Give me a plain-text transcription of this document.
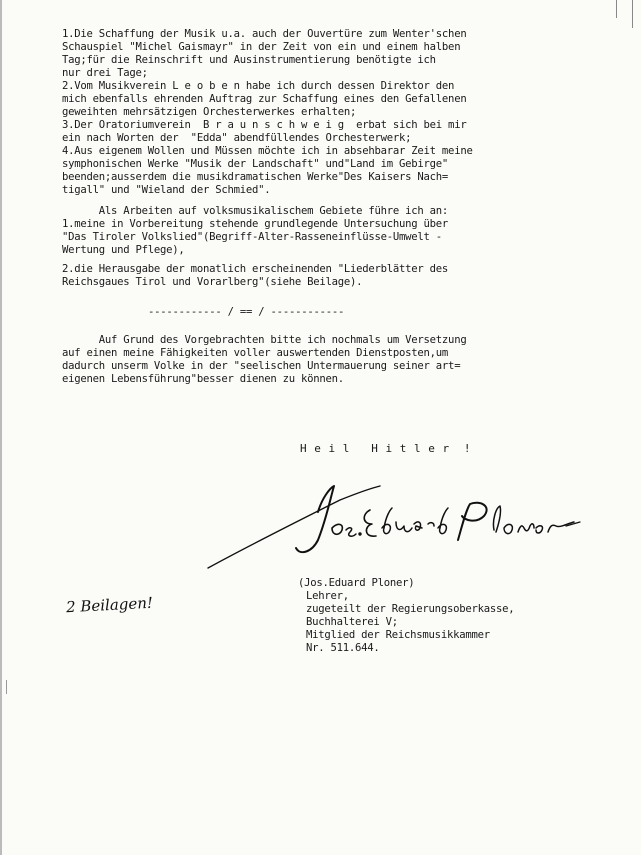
1.Die Schaffung der Musik u.a. auch der Ouvertüre zum Wenter'schen
Schauspiel "Michel Gaismayr" in der Zeit von ein und einem halben
Tag;für die Reinschrift und Ausinstrumentierung benötigte ich
nur drei Tage;
2.Vom Musikverein L e o b e n habe ich durch dessen Direktor den
mich ebenfalls ehrenden Auftrag zur Schaffung eines den Gefallenen
geweihten mehrsätzigen Orchesterwerkes erhalten;
3.Der Oratoriumverein  B r a u n s c h w e i g  erbat sich bei mir
ein nach Worten der  "Edda" abendfüllendes Orchesterwerk;
4.Aus eigenem Wollen und Müssen möchte ich in absehbarar Zeit meine
symphonischen Werke "Musik der Landschaft" und"Land im Gebirge"
beenden;ausserdem die musikdramatischen Werke"Des Kaisers Nach=
tigall" und "Wieland der Schmied".
Als Arbeiten auf volksmusikalischem Gebiete führe ich an:
1.meine in Vorbereitung stehende grundlegende Untersuchung über
"Das Tiroler Volkslied"(Begriff-Alter-Rasseneinflüsse-Umwelt -
Wertung und Pflege),
2.die Herausgabe der monatlich erscheinenden "Liederblätter des
Reichsgaues Tirol und Vorarlberg"(siehe Beilage).
------------ / == / ------------
Auf Grund des Vorgebrachten bitte ich nochmals um Versetzung
auf einen meine Fähigkeiten voller auswertenden Dienstposten,um
dadurch unserm Volke in der "seelischen Untermauerung seiner art=
eigenen Lebensführung"besser dienen zu können.
H e i l   H i t l e r  !
2 Beilagen!
(Jos.Eduard Ploner)
Lehrer,
zugeteilt der Regierungsoberkasse,
Buchhalterei V;
Mitglied der Reichsmusikkammer
Nr. 511.644.
